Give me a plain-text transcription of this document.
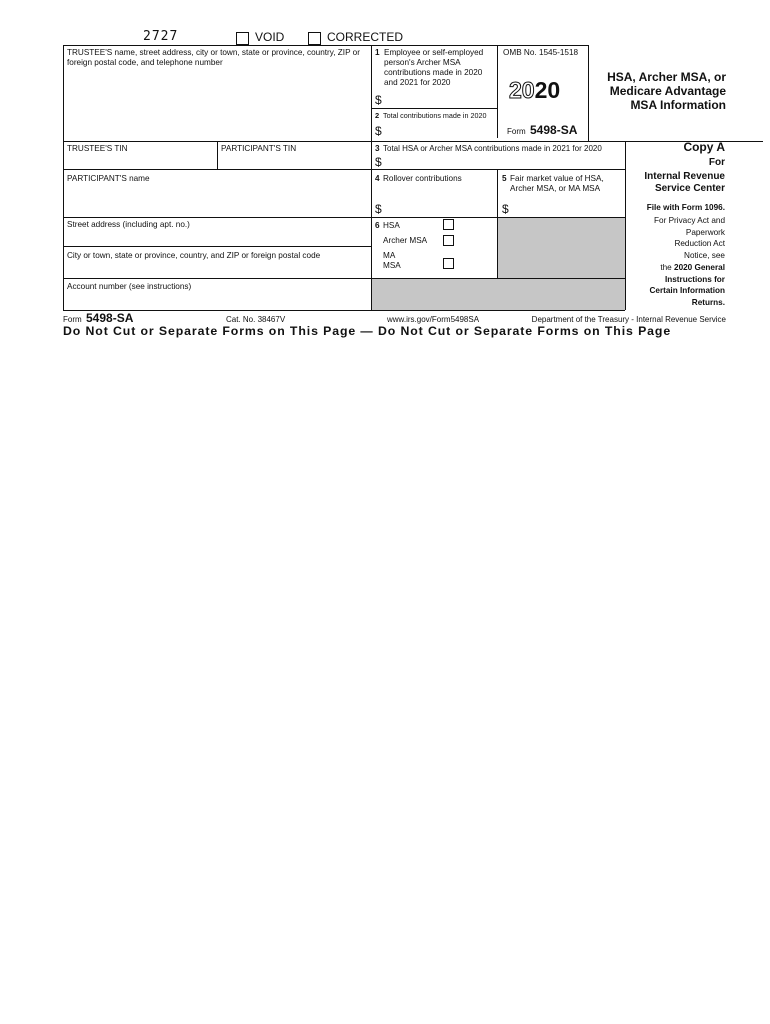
2727	VOID	CORRECTED
TRUSTEE'S name, street address, city or town, state or province, country, ZIP or foreign postal code, and telephone number
TRUSTEE'S TIN	PARTICIPANT'S TIN
PARTICIPANT'S name
Street address (including apt. no.)
City or town, state or province, country, and ZIP or foreign postal code
Account number (see instructions)
1 Employee or self-employed person's Archer MSA contributions made in 2020 and 2021 for 2020
$
2 Total contributions made in 2020
$
OMB No. 1545-1518
2020
Form 5498-SA
HSA, Archer MSA, or
Medicare Advantage
MSA Information
3 Total HSA or Archer MSA contributions made in 2021 for 2020
$
4 Rollover contributions
$
5 Fair market value of HSA, Archer MSA, or MA MSA
$
6 HSA
Archer MSA
MA
MSA
Copy A
For
Internal Revenue
Service Center
File with Form 1096.
For Privacy Act and
Paperwork
Reduction Act
Notice, see
the 2020 General
Instructions for
Certain Information
Returns.
Form 5498-SA	Cat. No. 38467V	www.irs.gov/Form5498SA	Department of the Treasury - Internal Revenue Service
Do Not Cut or Separate Forms on This Page — Do Not Cut or Separate Forms on This Page
